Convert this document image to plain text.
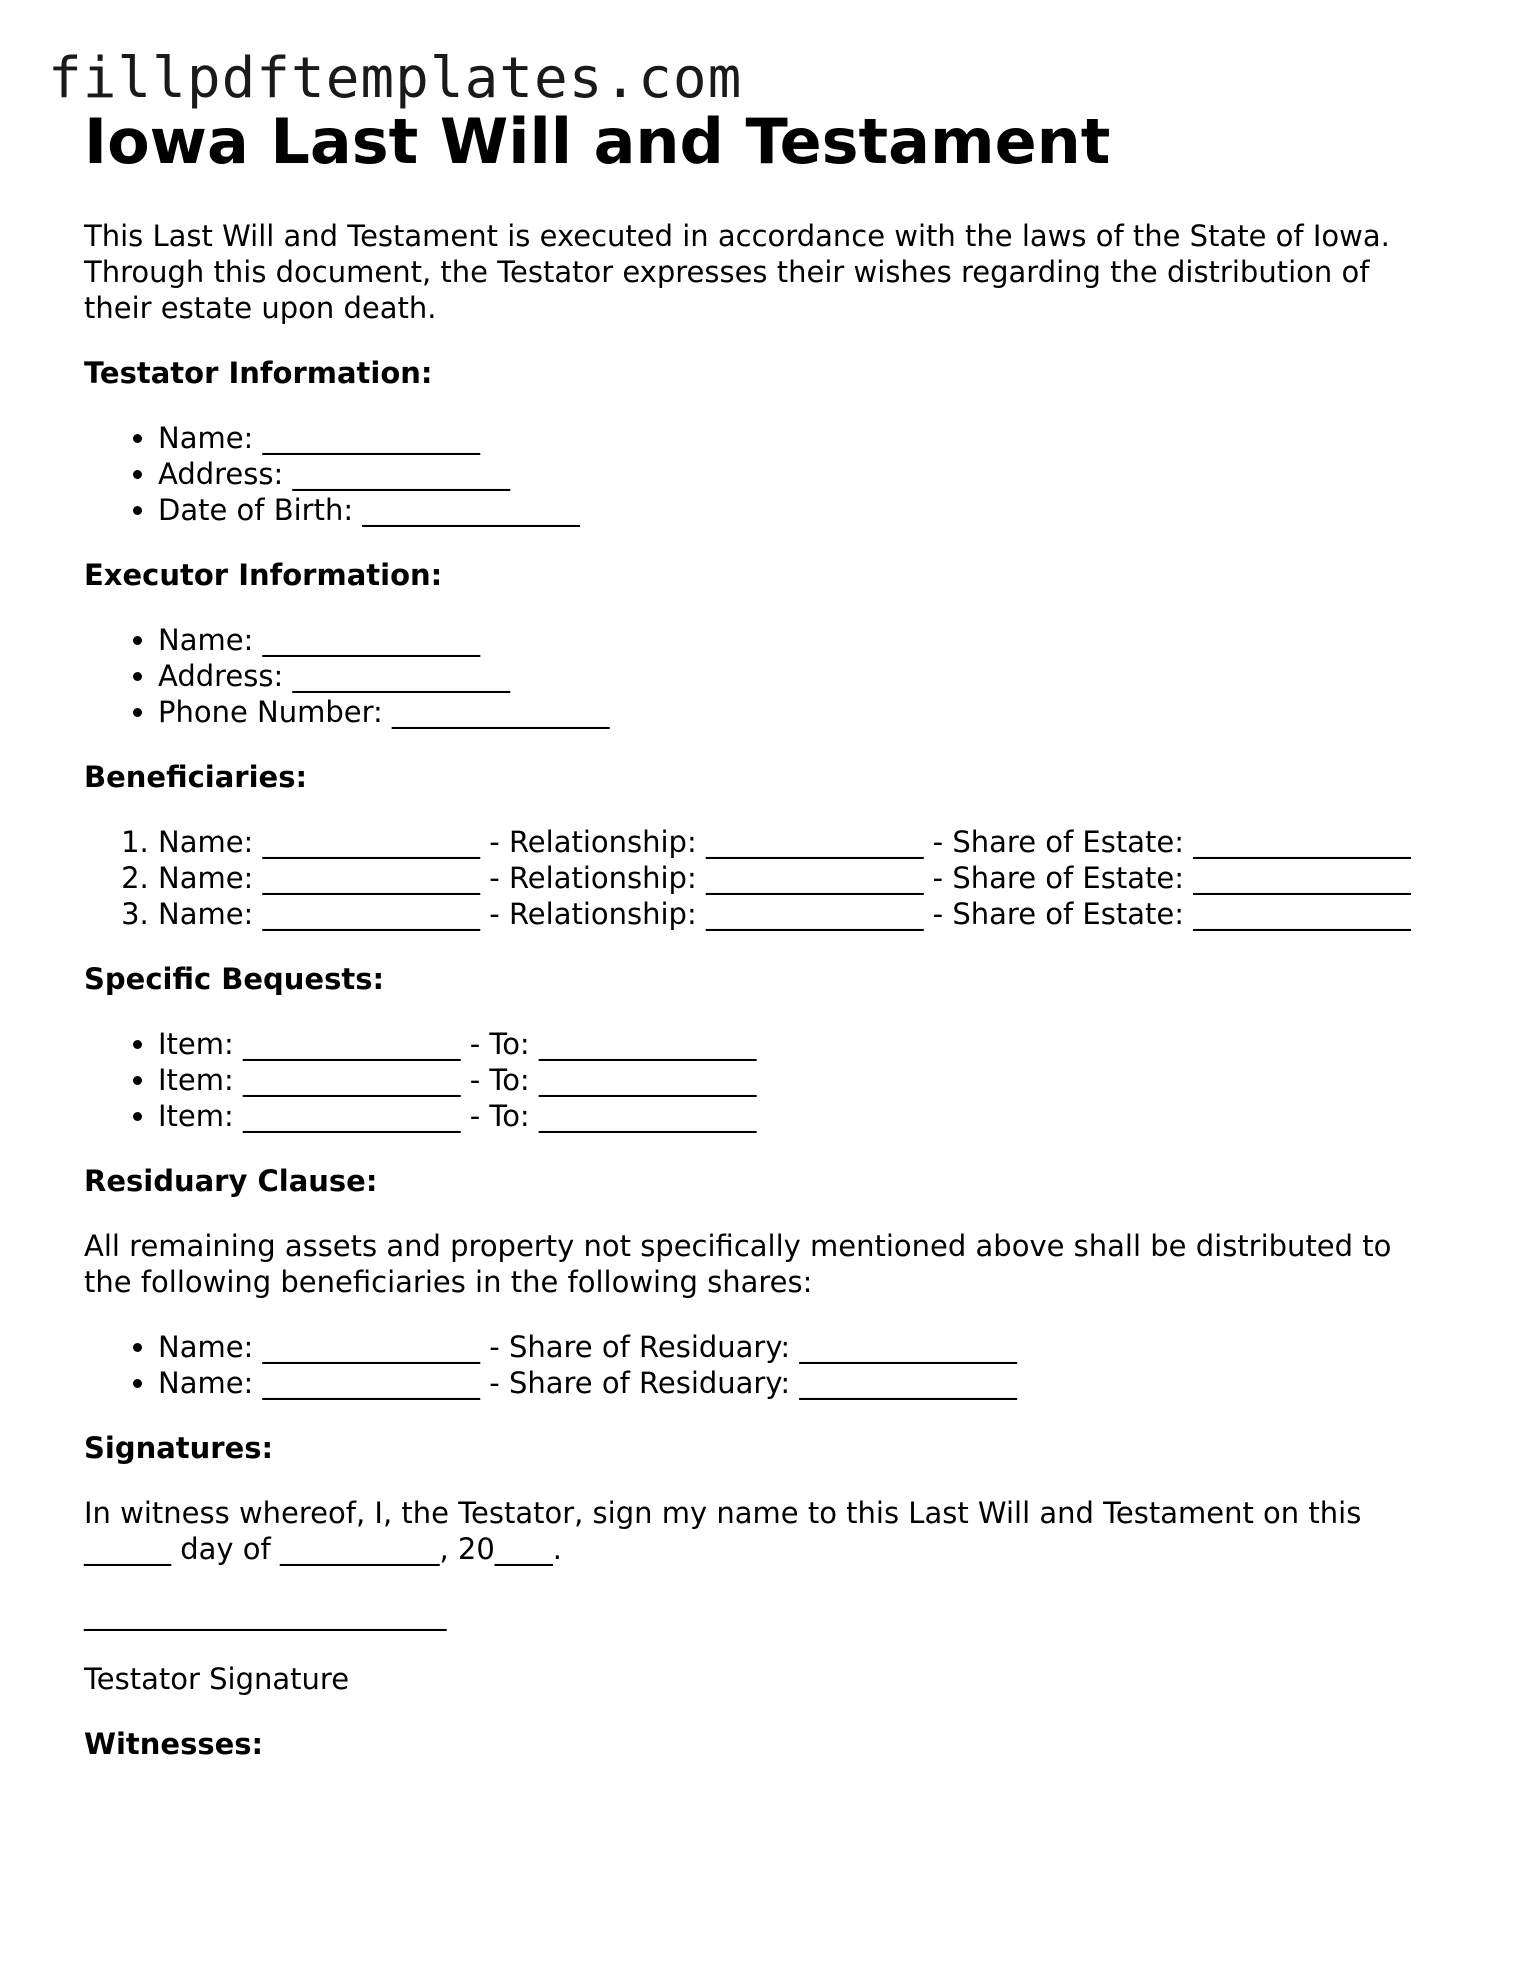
fillpdftemplates.com
Iowa Last Will and Testament

This Last Will and Testament is executed in accordance with the laws of the State of Iowa. Through this document, the Testator expresses their wishes regarding the distribution of their estate upon death.

Testator Information:
• Name: _______________
• Address: _______________
• Date of Birth: _______________
Executor Information:
• Name: _______________
• Address: _______________
• Phone Number: _______________
Beneficiaries:
1. Name: _______________ - Relationship: _______________ - Share of Estate: _______________
2. Name: _______________ - Relationship: _______________ - Share of Estate: _______________
3. Name: _______________ - Relationship: _______________ - Share of Estate: _______________
Specific Bequests:
• Item: _______________ - To: _______________
• Item: _______________ - To: _______________
• Item: _______________ - To: _______________
Residuary Clause:

All remaining assets and property not specifically mentioned above shall be distributed to the following beneficiaries in the following shares:

• Name: _______________ - Share of Residuary: _______________
• Name: _______________ - Share of Residuary: _______________
Signatures:

In witness whereof, I, the Testator, sign my name to this Last Will and Testament on this ______ day of ___________, 20____.

_________________________
Testator Signature
Witnesses:
